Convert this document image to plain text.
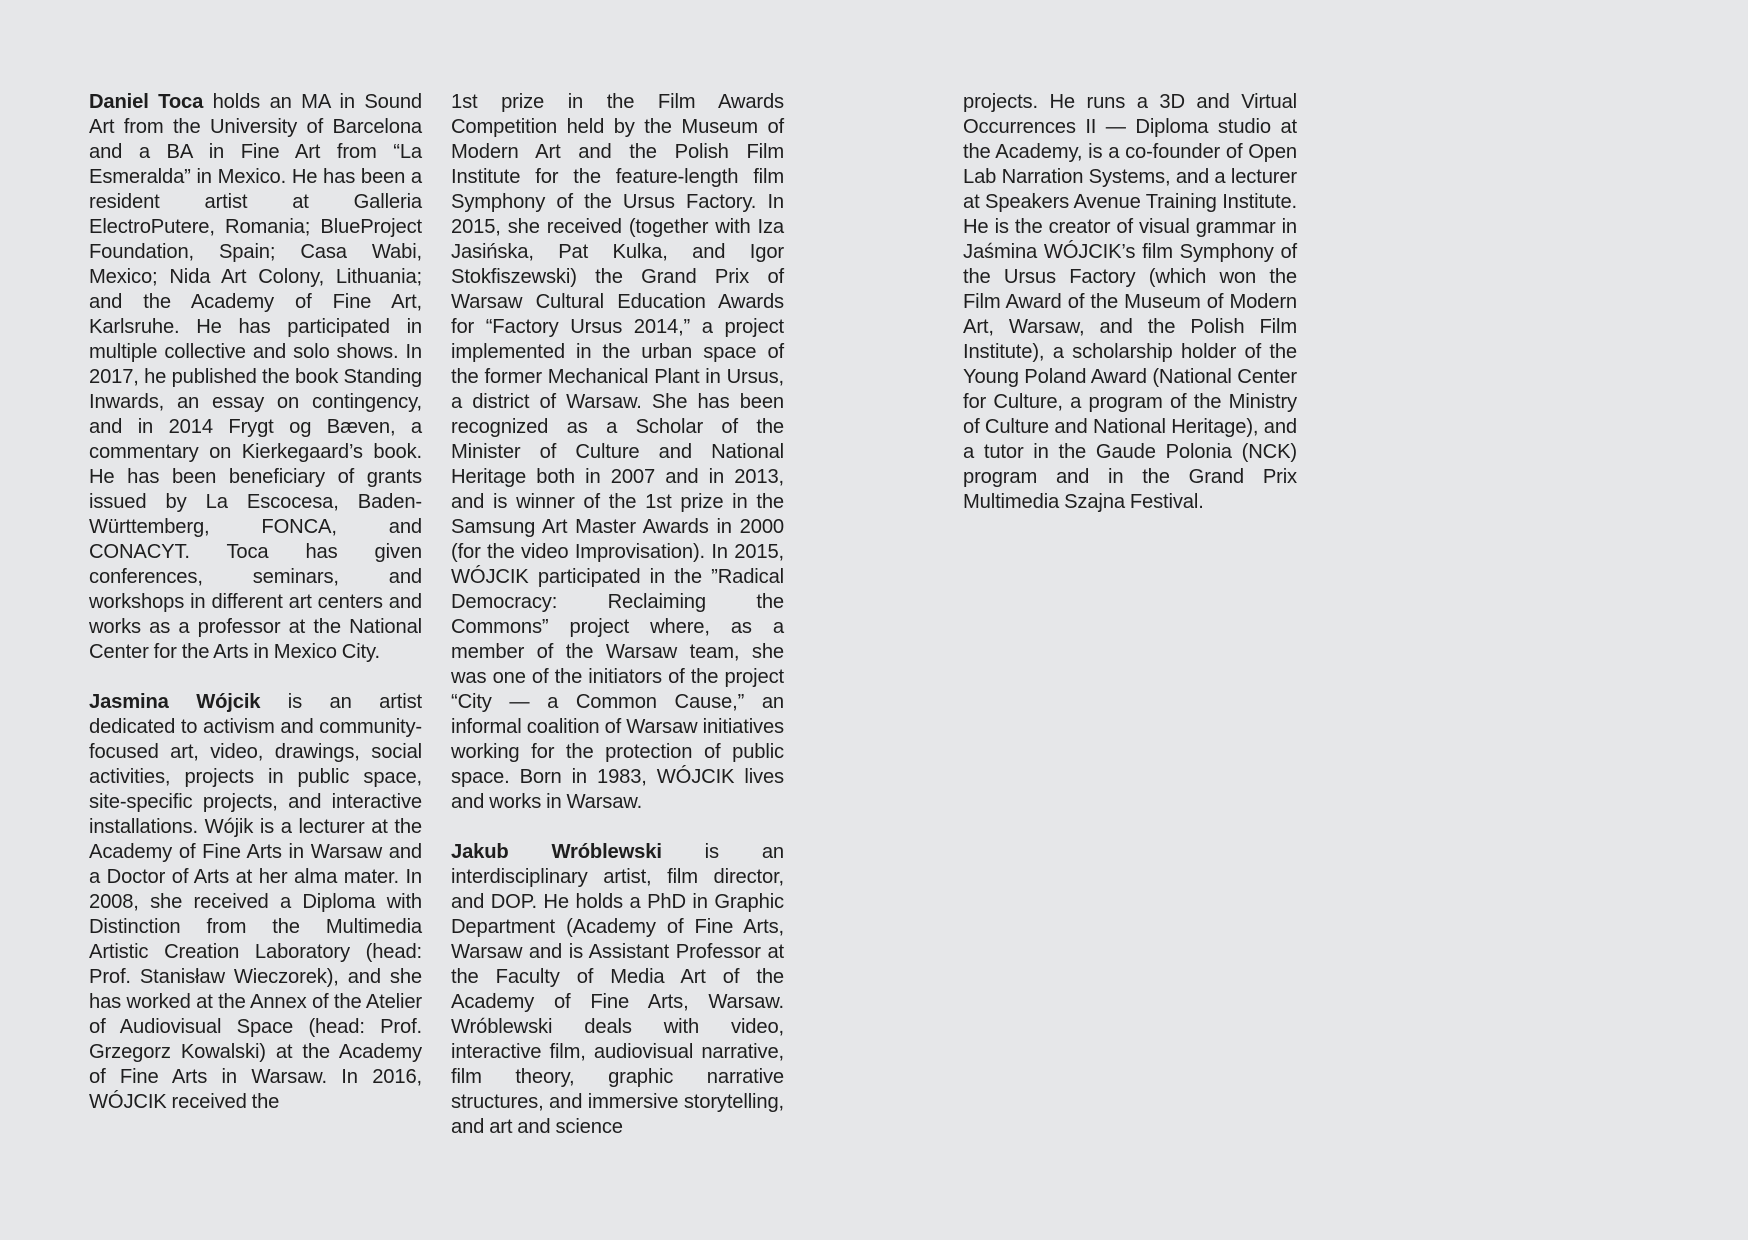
Daniel Toca holds an MA in Sound Art from the University of Barcelona and a BA in Fine Art from “La Esmeralda” in Mexico. He has been a resident artist at Galleria ElectroPutere, Romania; BlueProject Foundation, Spain; Casa Wabi, Mexico; Nida Art Colony, Lithuania; and the Academy of Fine Art, Karlsruhe. He has participated in multiple collective and solo shows. In 2017, he published the book Standing Inwards, an essay on contingency, and in 2014 Frygt og Bæven, a commentary on Kierkegaard’s book. He has been beneficiary of grants issued by La Escocesa, Baden-Württemberg, FONCA, and CONACYT. Toca has given conferences, seminars, and workshops in different art centers and works as a professor at the National Center for the Arts in Mexico City.

Jasmina Wójcik is an artist dedicated to activism and community-focused art, video, drawings, social activities, projects in public space, site-specific projects, and interactive installations. Wójik is a lecturer at the Academy of Fine Arts in Warsaw and a Doctor of Arts at her alma mater. In 2008, she received a Diploma with Distinction from the Multimedia Artistic Creation Laboratory (head: Prof. Stanisław Wieczorek), and she has worked at the Annex of the Atelier of Audiovisual Space (head: Prof. Grzegorz Kowalski) at the Academy of Fine Arts in Warsaw. In 2016, WÓJCIK received the

1st prize in the Film Awards Competition held by the Museum of Modern Art and the Polish Film Institute for the feature-length film Symphony of the Ursus Factory. In 2015, she received (together with Iza Jasińska, Pat Kulka, and Igor Stokfiszewski) the Grand Prix of Warsaw Cultural Education Awards for “Factory Ursus 2014,” a project implemented in the urban space of the former Mechanical Plant in Ursus, a district of Warsaw. She has been recognized as a Scholar of the Minister of Culture and National Heritage both in 2007 and in 2013, and is winner of the 1st prize in the Samsung Art Master Awards in 2000 (for the video Improvisation). In 2015, WÓJCIK participated in the ”Radical Democracy: Reclaiming the Commons” project where, as a member of the Warsaw team, she was one of the initiators of the project “City — a Common Cause,” an informal coalition of Warsaw initiatives working for the protection of public space. Born in 1983, WÓJCIK lives and works in Warsaw.

Jakub Wróblewski is an interdisciplinary artist, film director, and DOP. He holds a PhD in Graphic Department (Academy of Fine Arts, Warsaw and is Assistant Professor at the Faculty of Media Art of the Academy of Fine Arts, Warsaw. Wróblewski deals with video, interactive film, audiovisual narrative, film theory, graphic narrative structures, and immersive storytelling, and art and science

projects. He runs a 3D and Virtual Occurrences II — Diploma studio at the Academy, is a co-founder of Open Lab Narration Systems, and a lecturer at Speakers Avenue Training Institute. He is the creator of visual grammar in Jaśmina WÓJCIK’s film Symphony of the Ursus Factory (which won the Film Award of the Museum of Modern Art, Warsaw, and the Polish Film Institute), a scholarship holder of the Young Poland Award (National Center for Culture, a program of the Ministry of Culture and National Heritage), and a tutor in the Gaude Polonia (NCK) program and in the Grand Prix Multimedia Szajna Festival.
